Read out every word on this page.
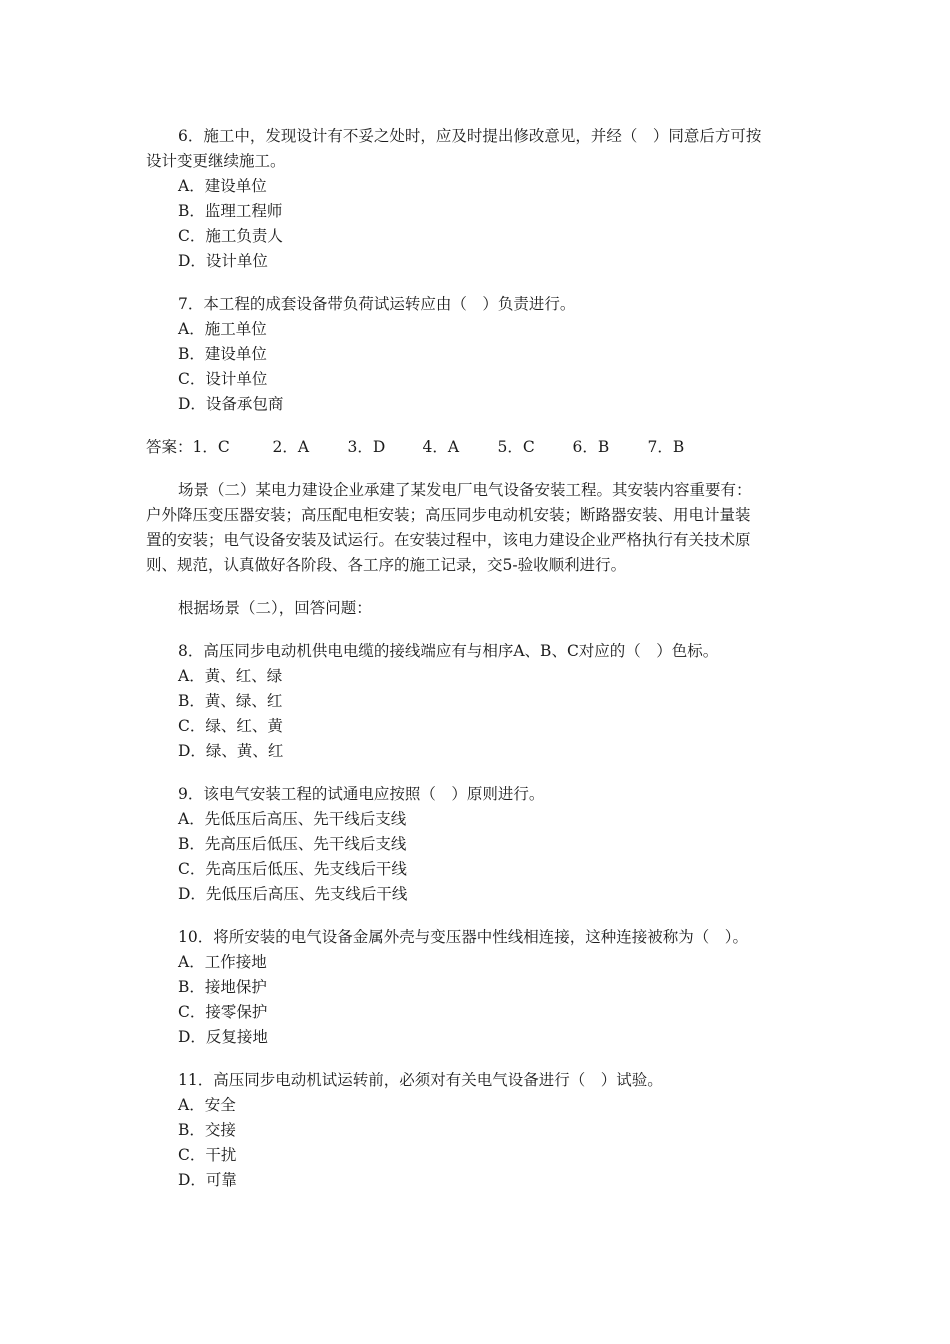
6．施工中，发现设计有不妥之处时，应及时提出修改意见，并经（　）同意后方可按
设计变更继续施工。
A．建设单位
B．监理工程师
C．施工负责人
D．设计单位
7．本工程的成套设备带负荷试运转应由（　）负责进行。
A．施工单位
B．建设单位
C．设计单位
D．设备承包商
答案：1．C	2．A 3．D 4．A 5．C 6．B 7．B
场景（二）某电力建设企业承建了某发电厂电气设备安装工程。其安装内容重要有：
户外降压变压器安装；高压配电柜安装；高压同步电动机安装；断路器安装、用电计量装
置的安装；电气设备安装及试运行。在安装过程中，该电力建设企业严格执行有关技术原
则、规范，认真做好各阶段、各工序的施工记录，交5-验收顺利进行。
根据场景（二），回答问题：
8．高压同步电动机供电电缆的接线端应有与相序A、B、C对应的（　）色标。
A．黄、红、绿
B．黄、绿、红
C．绿、红、黄
D．绿、黄、红
9．该电气安装工程的试通电应按照（　）原则进行。
A．先低压后高压、先干线后支线
B．先高压后低压、先干线后支线
C．先高压后低压、先支线后干线
D．先低压后高压、先支线后干线
10．将所安装的电气设备金属外壳与变压器中性线相连接，这种连接被称为（　）。
A．工作接地
B．接地保护
C．接零保护
D．反复接地
11．高压同步电动机试运转前，必须对有关电气设备进行（　）试验。
A．安全
B．交接
C．干扰
D．可靠
